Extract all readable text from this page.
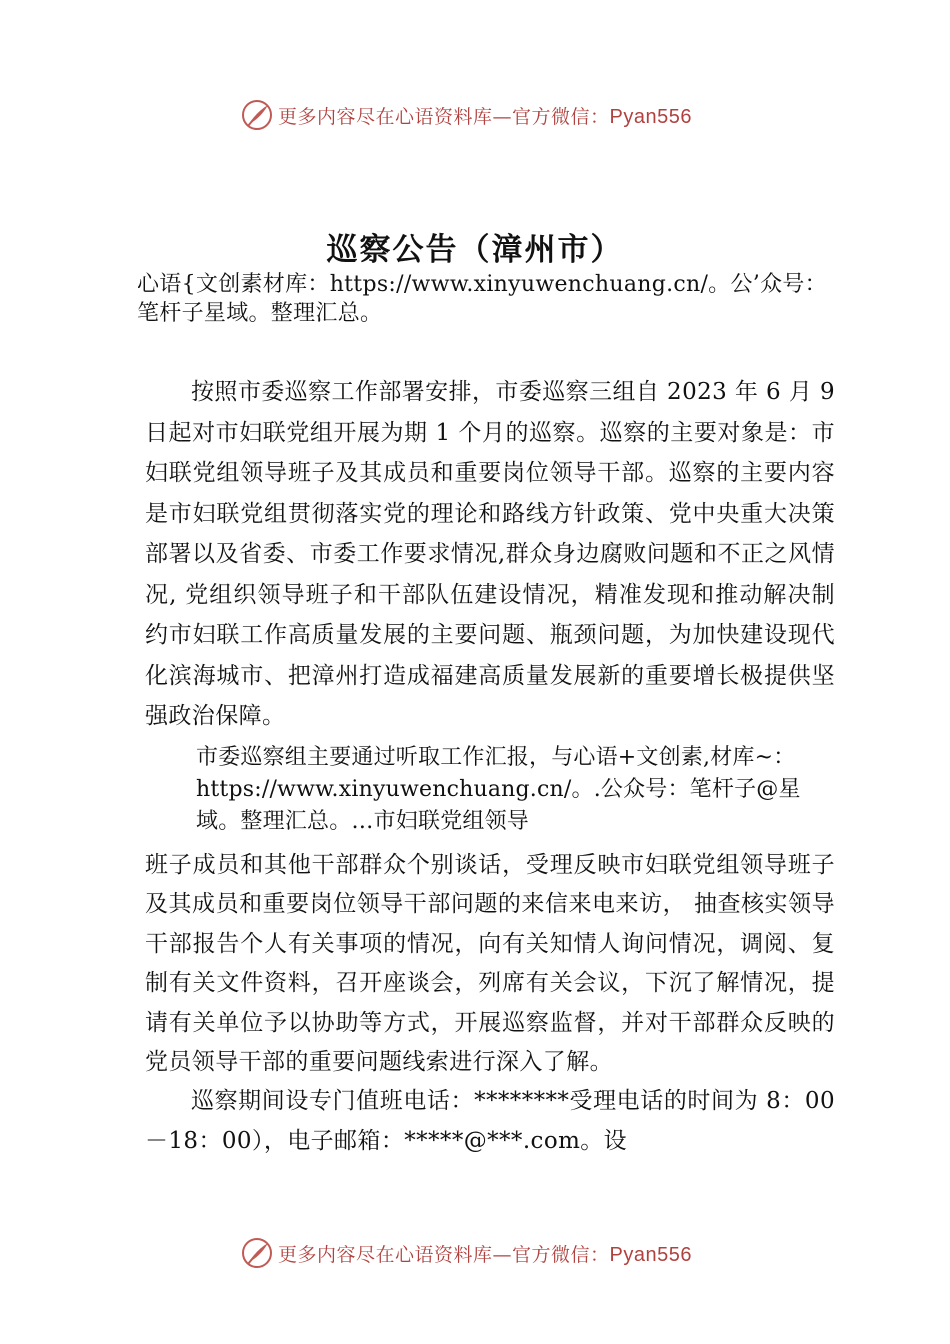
更多内容尽在心语资料库—官方微信：Pyan556
巡察公告（漳州市）
心语{文创素材库：https://www.xinyuwenchuang.cn/。公’众号：笔杆子星域。整理汇总。

按照市委巡察工作部署安排，市委巡察三组自 2023 年 6 月 9 日起对市妇联党组开展为期 1 个月的巡察。巡察的主要对象是：市妇联党组领导班子及其成员和重要岗位领导干部。巡察的主要内容是市妇联党组贯彻落实党的理论和路线方针政策、党中央重大决策部署以及省委、市委工作要求情况,群众身边腐败问题和不正之风情况, 党组织领导班子和干部队伍建设情况，精准发现和推动解决制约市妇联工作高质量发展的主要问题、瓶颈问题，为加快建设现代化滨海城市、把漳州打造成福建高质量发展新的重要增长极提供坚强政治保障。

市委巡察组主要通过听取工作汇报，与心语+文创素,材库~：https://www.xinyuwenchuang.cn/。.公众号：笔杆子@星域。整理汇总。…市妇联党组领导

班子成员和其他干部群众个别谈话，受理反映市妇联党组领导班子及其成员和重要岗位领导干部问题的来信来电来访， 抽查核实领导干部报告个人有关事项的情况，向有关知情人询问情况，调阅、复制有关文件资料，召开座谈会，列席有关会议，下沉了解情况，提请有关单位予以协助等方式，开展巡察监督，并对干部群众反映的党员领导干部的重要问题线索进行深入了解。

巡察期间设专门值班电话：********受理电话的时间为 8：00－18：00），电子邮箱：*****@***.com。设

更多内容尽在心语资料库—官方微信：Pyan556
